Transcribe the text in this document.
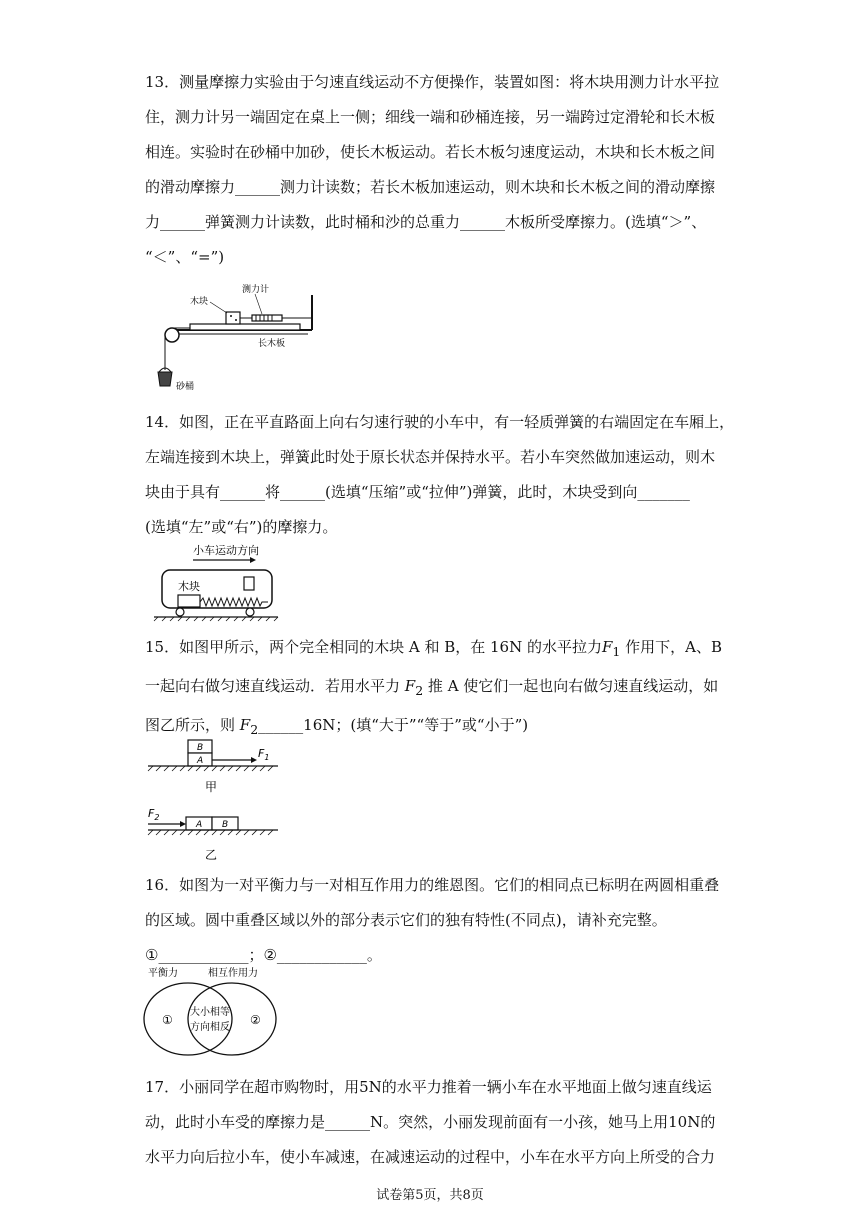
13．测量摩擦力实验由于匀速直线运动不方便操作，装置如图：将木块用测力计水平拉
住，测力计另一端固定在桌上一侧；细线一端和砂桶连接，另一端跨过定滑轮和长木板
相连。实验时在砂桶中加砂，使长木板运动。若长木板匀速度运动，木块和长木板之间
的滑动摩擦力______测力计读数；若长木板加速运动，则木块和长木板之间的滑动摩擦
力______弹簧测力计读数，此时桶和沙的总重力______木板所受摩擦力。(选填“＞”、
“＜”、“=”)
木块
测力计
长木板
砂桶
14．如图，正在平直路面上向右匀速行驶的小车中，有一轻质弹簧的右端固定在车厢上，
左端连接到木块上，弹簧此时处于原长状态并保持水平。若小车突然做加速运动，则木
块由于具有______将______(选填“压缩”或“拉伸”)弹簧，此时，木块受到向_______
(选填“左”或“右”)的摩擦力。
小车运动方向
木块
15．如图甲所示，两个完全相同的木块 A 和 B，在 16N 的水平拉力$F_1$ 作用下，A、B
一起向右做匀速直线运动．若用水平力 $F_2$ 推 A 使它们一起也向右做匀速直线运动，如
图乙所示，则 $F_2\_\_\_\_\_\_16N$；(填“大于”“等于”或“小于”)
B
A
$F_1$
甲
$F_2$
A B
乙
16．如图为一对平衡力与一对相互作用力的维恩图。它们的相同点已标明在两圆相重叠
的区域。圆中重叠区域以外的部分表示它们的独有特性(不同点)，请补充完整。
①____________；②____________。
平衡力	相互作用力
①	②
大小相等
方向相反
17．小丽同学在超市购物时，用5N的水平力推着一辆小车在水平地面上做匀速直线运
动，此时小车受的摩擦力是______N。突然，小丽发现前面有一小孩，她马上用10N的
水平力向后拉小车，使小车减速，在减速运动的过程中，小车在水平方向上所受的合力
试卷第5页，共8页
